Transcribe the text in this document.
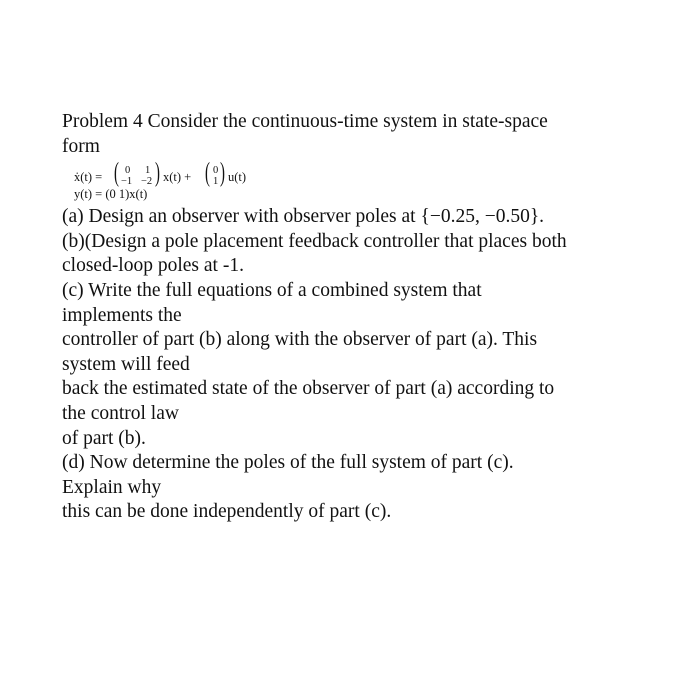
Problem 4 Consider the continuous-time system in state-space
form
ẋ(t) = ( 0 1
−1 −2 ) x(t) + ( 0
1 ) u(t)
y(t) = (0 1)x(t)
(a) Design an observer with observer poles at {−0.25, −0.50}.
(b)(Design a pole placement feedback controller that places both
closed-loop poles at -1.
(c) Write the full equations of a combined system that
implements the
controller of part (b) along with the observer of part (a). This
system will feed
back the estimated state of the observer of part (a) according to
the control law
of part (b).
(d) Now determine the poles of the full system of part (c).
Explain why
this can be done independently of part (c).
